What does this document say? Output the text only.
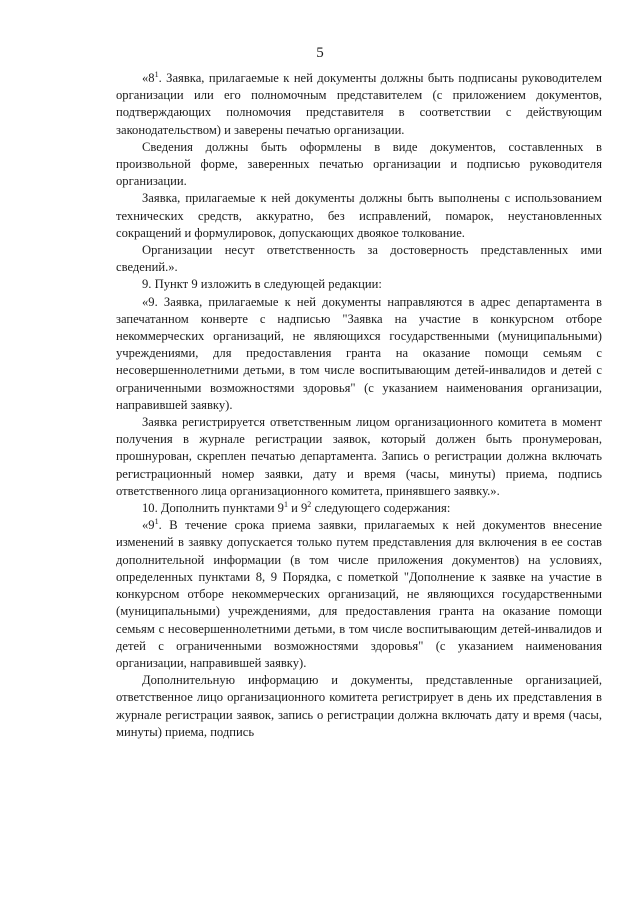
5

«$8^1$. Заявка, прилагаемые к ней документы должны быть подписаны руководителем организации или его полномочным представителем (с приложением документов, подтверждающих полномочия представителя в соответствии с действующим законодательством) и заверены печатью организации.

Сведения должны быть оформлены в виде документов, составленных в произвольной форме, заверенных печатью организации и подписью руководителя организации.

Заявка, прилагаемые к ней документы должны быть выполнены с использованием технических средств, аккуратно, без исправлений, помарок, неустановленных сокращений и формулировок, допускающих двоякое толкование.

Организации несут ответственность за достоверность представленных ими сведений.».

9. Пункт 9 изложить в следующей редакции:

«9. Заявка, прилагаемые к ней документы направляются в адрес департамента в запечатанном конверте с надписью "Заявка на участие в конкурсном отборе некоммерческих организаций, не являющихся государственными (муниципальными) учреждениями, для предоставления гранта на оказание помощи семьям с несовершеннолетними детьми, в том числе воспитывающим детей-инвалидов и детей с ограниченными возможностями здоровья" (с указанием наименования организации, направившей заявку).

Заявка регистрируется ответственным лицом организационного комитета в момент получения в журнале регистрации заявок, который должен быть пронумерован, прошнурован, скреплен печатью департамента. Запись о регистрации должна включать регистрационный номер заявки, дату и время (часы, минуты) приема, подпись ответственного лица организационного комитета, принявшего заявку.».

10. Дополнить пунктами $9^1$ и $9^2$ следующего содержания:

«$9^1$. В течение срока приема заявки, прилагаемых к ней документов внесение изменений в заявку допускается только путем представления для включения в ее состав дополнительной информации (в том числе приложения документов) на условиях, определенных пунктами 8, 9 Порядка, с пометкой "Дополнение к заявке на участие в конкурсном отборе некоммерческих организаций, не являющихся государственными (муниципальными) учреждениями, для предоставления гранта на оказание помощи семьям с несовершеннолетними детьми, в том числе воспитывающим детей-инвалидов и детей с ограниченными возможностями здоровья" (с указанием наименования организации, направившей заявку).

Дополнительную информацию и документы, представленные организацией, ответственное лицо организационного комитета регистрирует в день их представления в журнале регистрации заявок, запись о регистрации должна включать дату и время (часы, минуты) приема, подпись
